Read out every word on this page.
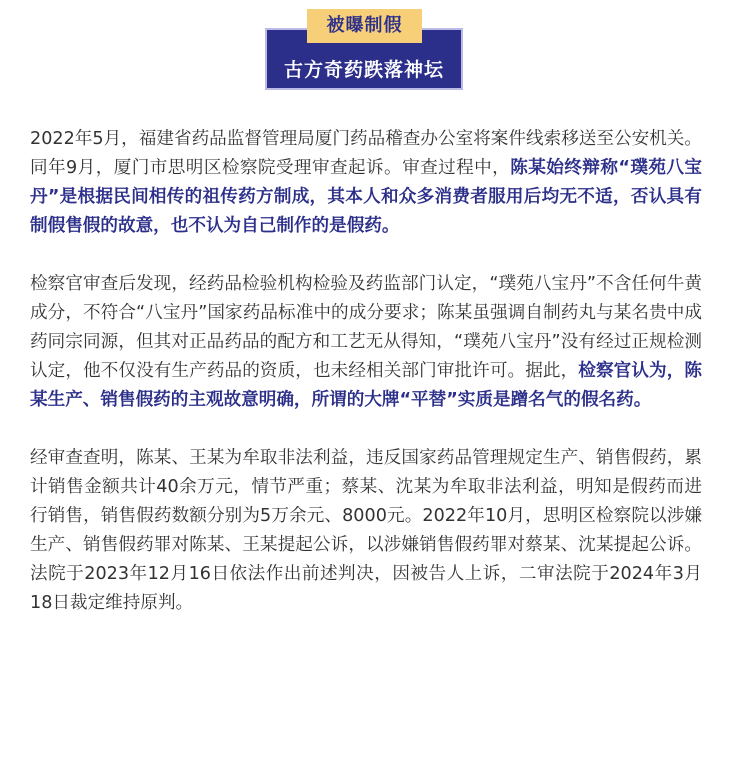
被曝制假
古方奇药跌落神坛

2022年5月，福建省药品监督管理局厦门药品稽查办公室将案件线索移送至公安机关。同年9月，厦门市思明区检察院受理审查起诉。审查过程中，陈某始终辩称“璞苑八宝丹”是根据民间相传的祖传药方制成，其本人和众多消费者服用后均无不适，否认具有制假售假的故意，也不认为自己制作的是假药。

检察官审查后发现，经药品检验机构检验及药监部门认定，“璞苑八宝丹”不含任何牛黄成分，不符合“八宝丹”国家药品标准中的成分要求；陈某虽强调自制药丸与某名贵中成药同宗同源，但其对正品药品的配方和工艺无从得知，“璞苑八宝丹”没有经过正规检测认定，他不仅没有生产药品的资质，也未经相关部门审批许可。据此，检察官认为，陈某生产、销售假药的主观故意明确，所谓的大牌“平替”实质是蹭名气的假名药。

经审查查明，陈某、王某为牟取非法利益，违反国家药品管理规定生产、销售假药，累计销售金额共计40余万元，情节严重；蔡某、沈某为牟取非法利益，明知是假药而进行销售，销售假药数额分别为5万余元、8000元。2022年10月，思明区检察院以涉嫌生产、销售假药罪对陈某、王某提起公诉，以涉嫌销售假药罪对蔡某、沈某提起公诉。法院于2023年12月16日依法作出前述判决，因被告人上诉，二审法院于2024年3月18日裁定维持原判。
